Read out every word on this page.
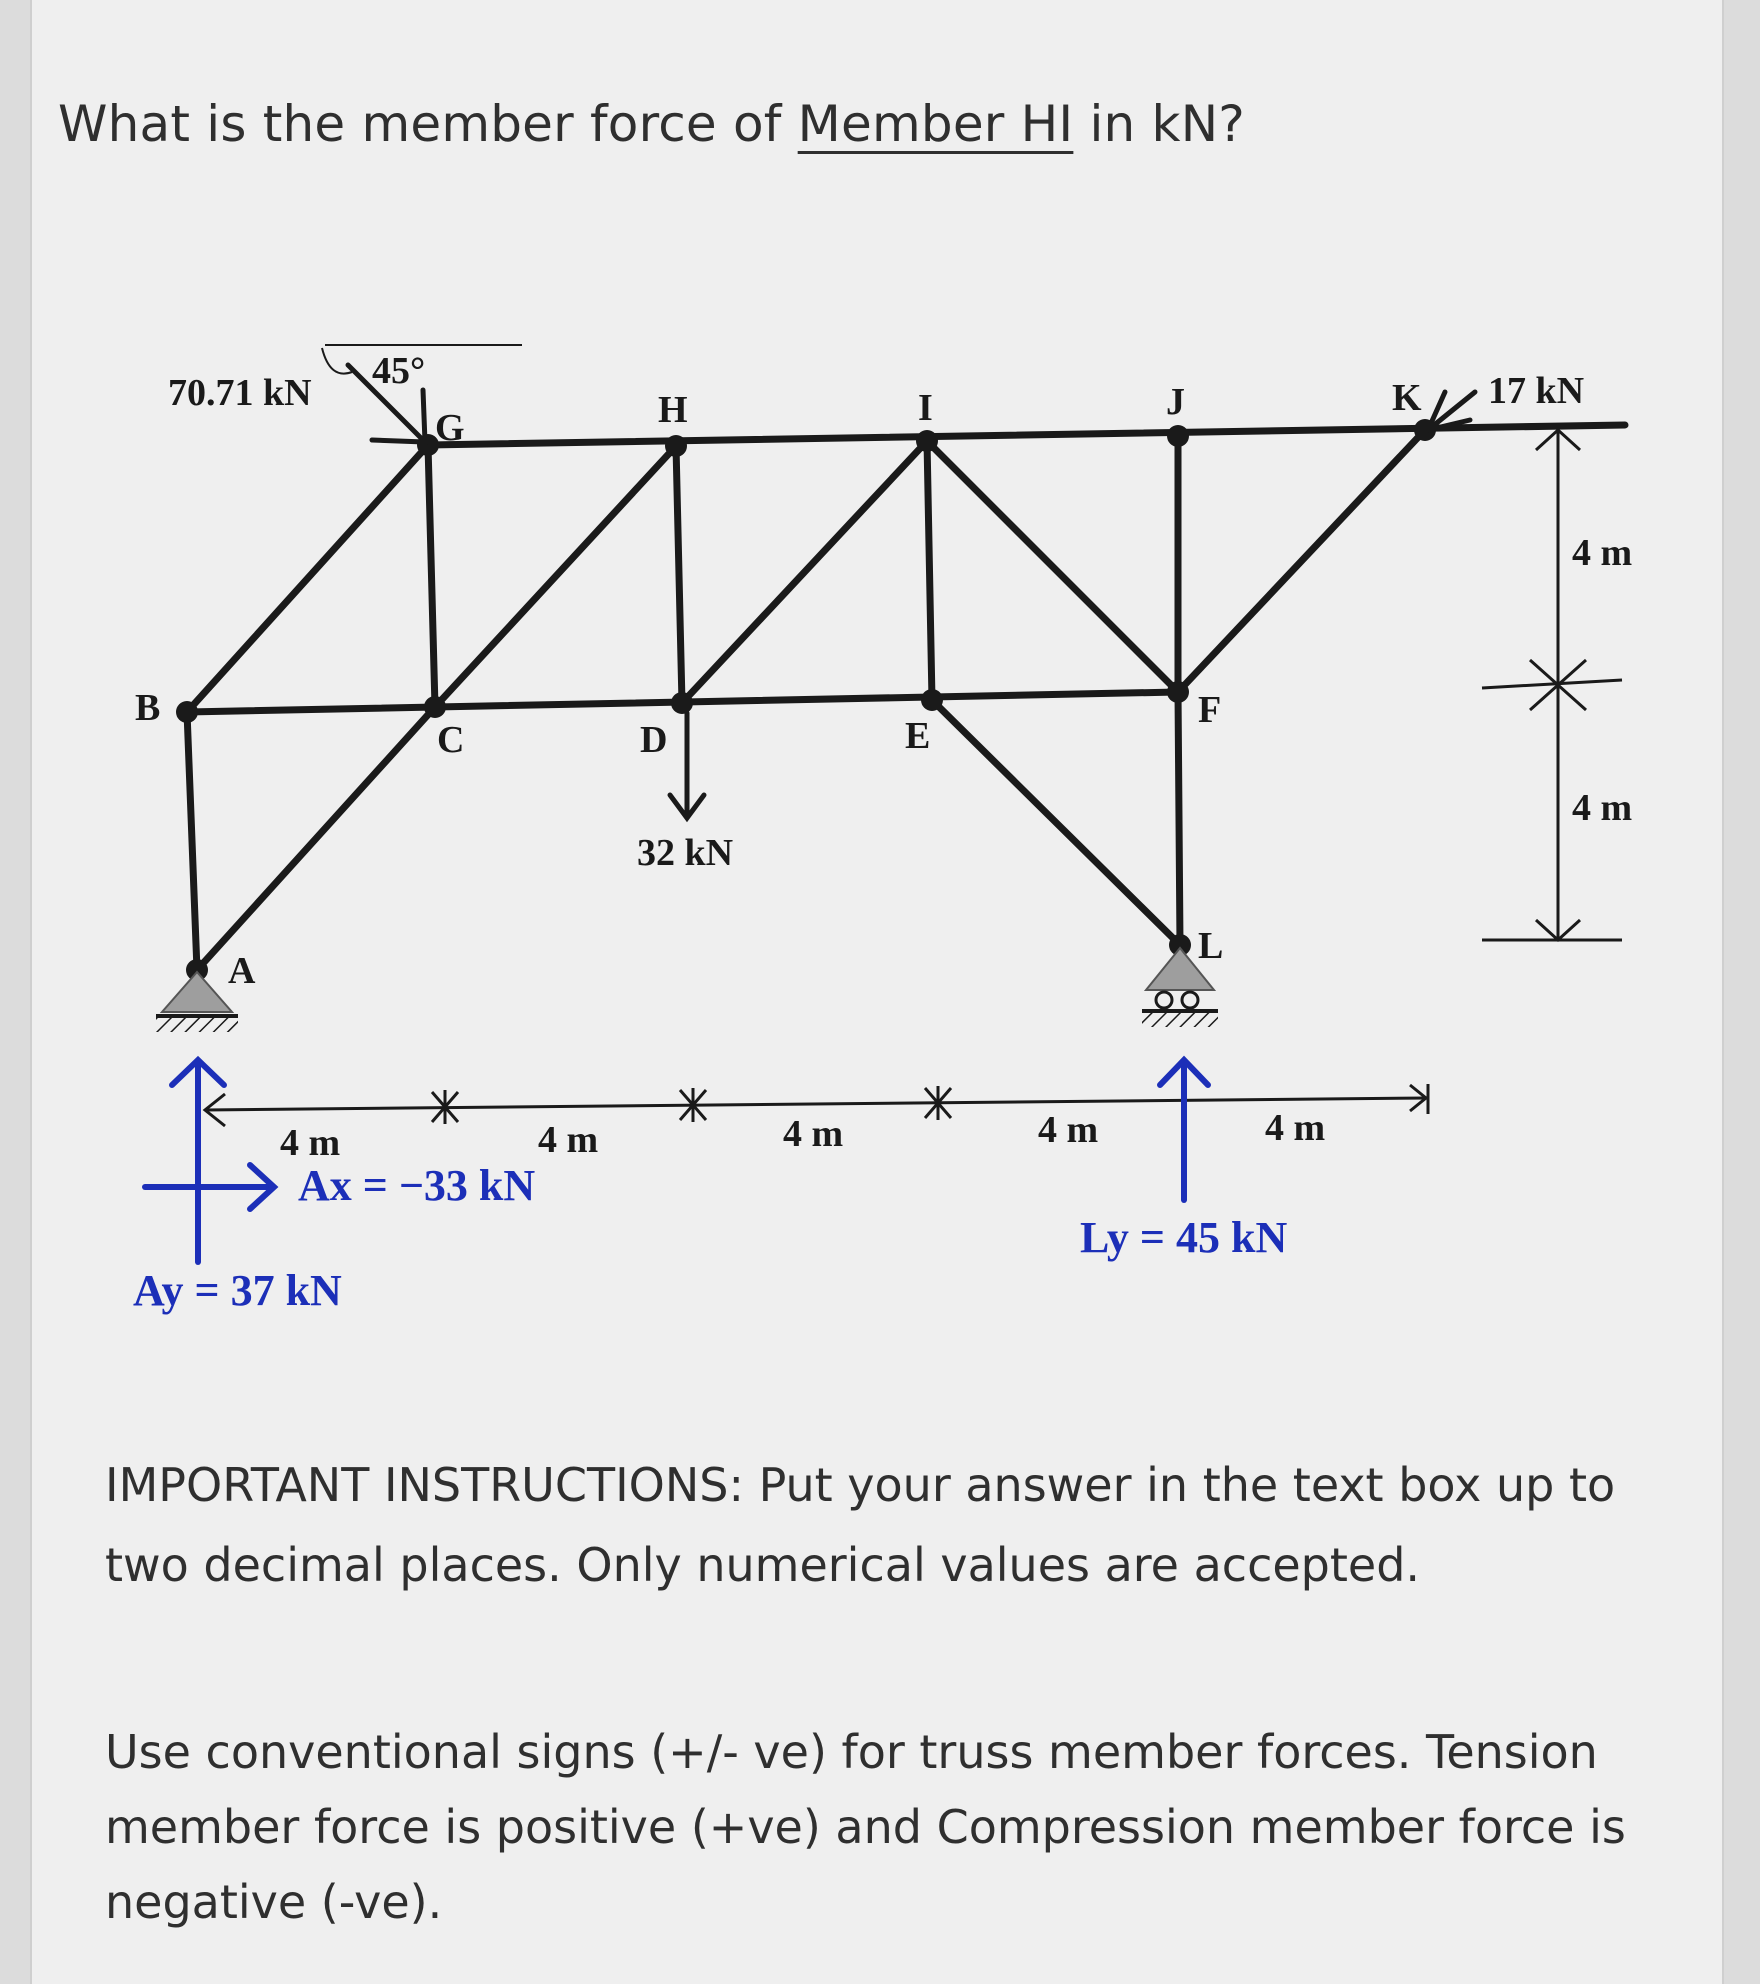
What is the member force of Member HI in kN?
A
B
C	D	E
F
G	H	I	J	K
L
70.71 kN
45°
32 kN
17 kN
4 m	4 m	4 m	4 m	4 m
4 m
4 m
Ax = −33 kN
Ay = 37 kN
Ly = 45 kN
IMPORTANT INSTRUCTIONS: Put your answer in the text box up to two decimal places. Only numerical values are accepted.
Use conventional signs (+/- ve) for truss member forces. Tension member force is positive (+ve) and Compression member force is negative (-ve).
